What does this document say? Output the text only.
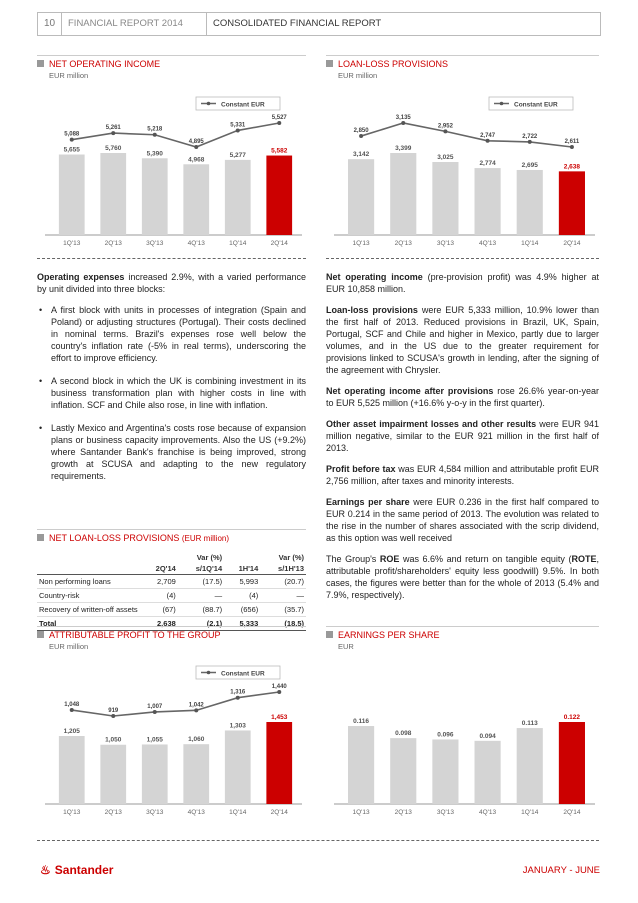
10	FINANCIAL REPORT 2014	CONSOLIDATED FINANCIAL REPORT
NET OPERATING INCOME
EUR million
LOAN-LOSS PROVISIONS
EUR million
5,655
1Q'13
5,760
2Q'13
5,390
3Q'13
4,968
4Q'13
5,277
1Q'14
5,582
2Q'14
5,088
5,261	5,218
4,895
5,331
5,527
Constant EUR
3,142
1Q'13
3,399
2Q'13
3,025
3Q'13
2,774
4Q'13
2,695
1Q'14
2,638
2Q'14
2,850
3,135
2,952
2,747	2,722
2,611
Constant EUR

Operating expenses increased 2.9%, with a varied performance by unit divided into three blocks:

• A first block with units in processes of integration (Spain and Poland) or adjusting structures (Portugal). Their costs declined in nominal terms. Brazil's expenses rose well below the country's inflation rate (-5% in real terms), underscoring the effort to improve efficiency.
• A second block in which the UK is combining investment in its business transformation plan with higher costs in line with inflation. SCF and Chile also rose, in line with inflation.
• Lastly Mexico and Argentina's costs rose because of expansion plans or business capacity improvements. Also the US (+9.2%) where Santander Bank's franchise is being improved, strong growth at SCUSA and adapting to the new regulatory requirements.

Net operating income (pre-provision profit) was 4.9% higher at EUR 10,858 million.

Loan-loss provisions were EUR 5,333 million, 10.9% lower than the first half of 2013. Reduced provisions in Brazil, UK, Spain, Portugal, SCF and Chile and higher in Mexico, partly due to larger volumes, and in the US due to the greater requirement for provisions linked to SCUSA's growth in lending, after the signing of the agreement with Chrysler.

Net operating income after provisions rose 26.6% year-on-year to EUR 5,525 million (+16.6% y-o-y in the first quarter).

Other asset impairment losses and other results were EUR 941 million negative, similar to the EUR 921 million in the first half of 2013.

Profit before tax was EUR 4,584 million and attributable profit EUR 2,756 million, after taxes and minority interests.

Earnings per share were EUR 0.236 in the first half compared to EUR 0.214 in the same period of 2013. The evolution was related to the rise in the number of shares associated with the scrip dividend, as this option was well received

The Group's ROE was 6.6% and return on tangible equity (ROTE, attributable profit/shareholders' equity less goodwill) 9.5%. In both cases, the figures were better than for the whole of 2013 (5.4% and 7.9%, respectively).

NET LOAN-LOSS PROVISIONS (EUR million)
	2Q'14	Var (%)	1H'14	Var (%)
		s/1Q'14		s/1H'13
Non performing loans	2,709	(17.5)	5,993	(20.7)
Country-risk	(4)	—	(4)	—
Recovery of written-off assets	(67)	(88.7)	(656)	(35.7)
Total	2,638	(2.1)	5,333	(18.5)
ATTRIBUTABLE PROFIT TO THE GROUP
EUR million
EARNINGS PER SHARE
EUR
1,205
1Q'13
1,050
2Q'13
1,055
3Q'13
1,060
4Q'13
1,303
1Q'14
1,453
2Q'14
1,048
919
1,007	1,042
1,316
1,440
Constant EUR
0.116
1Q'13
0.098
2Q'13
0.096
3Q'13
0.094
4Q'13
0.113
1Q'14
0.122
2Q'14
♨ Santander	JANUARY - JUNE
